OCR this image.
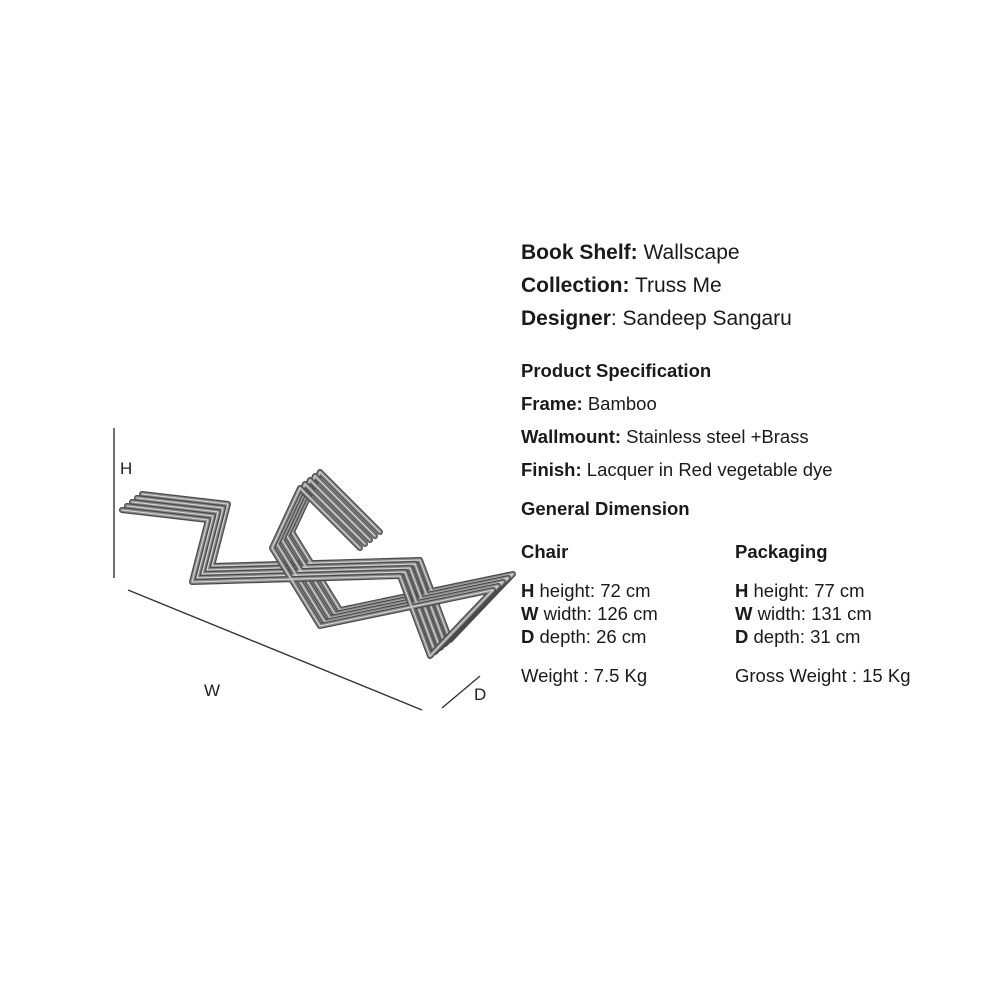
H
W	D
Book Shelf: Wallscape
Collection: Truss Me
Designer: Sandeep Sangaru
Product Specification
Frame: Bamboo
Wallmount: Stainless steel +Brass
Finish: Lacquer in Red vegetable dye
General Dimension
Chair
H height: 72 cm
W width: 126 cm
D depth: 26 cm
Weight : 7.5 Kg
Packaging
H height: 77 cm
W width: 131 cm
D depth: 31 cm
Gross Weight : 15 Kg
